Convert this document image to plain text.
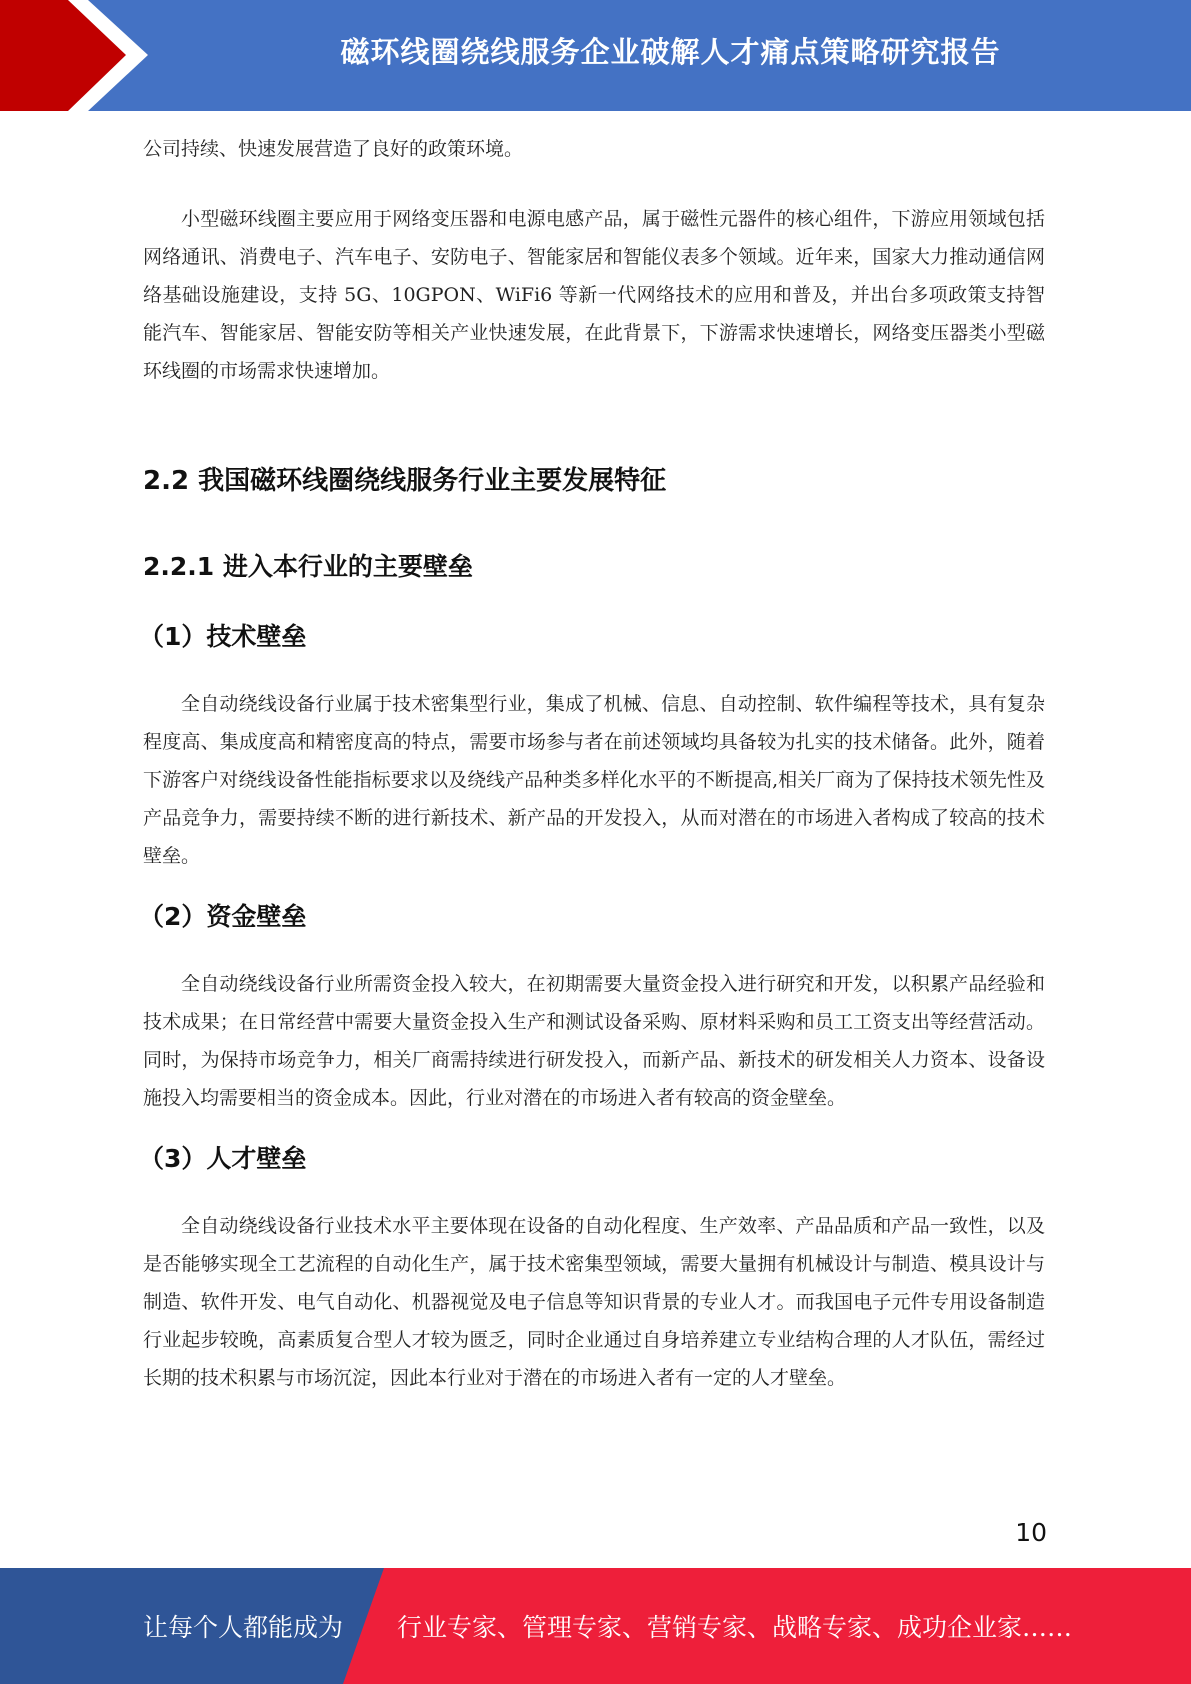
磁环线圈绕线服务企业破解人才痛点策略研究报告

公司持续、快速发展营造了良好的政策环境。

小型磁环线圈主要应用于网络变压器和电源电感产品，属于磁性元器件的核心组件，下游应用领域包括网络通讯、消费电子、汽车电子、安防电子、智能家居和智能仪表多个领域。近年来，国家大力推动通信网络基础设施建设，支持 5G、10GPON、WiFi6 等新一代网络技术的应用和普及，并出台多项政策支持智能汽车、智能家居、智能安防等相关产业快速发展，在此背景下，下游需求快速增长，网络变压器类小型磁环线圈的市场需求快速增加。

2.2 我国磁环线圈绕线服务行业主要发展特征
2.2.1 进入本行业的主要壁垒
（1）技术壁垒

全自动绕线设备行业属于技术密集型行业，集成了机械、信息、自动控制、软件编程等技术，具有复杂程度高、集成度高和精密度高的特点，需要市场参与者在前述领域均具备较为扎实的技术储备。此外，随着下游客户对绕线设备性能指标要求以及绕线产品种类多样化水平的不断提高,相关厂商为了保持技术领先性及产品竞争力，需要持续不断的进行新技术、新产品的开发投入，从而对潜在的市场进入者构成了较高的技术壁垒。

（2）资金壁垒

全自动绕线设备行业所需资金投入较大，在初期需要大量资金投入进行研究和开发，以积累产品经验和技术成果；在日常经营中需要大量资金投入生产和测试设备采购、原材料采购和员工工资支出等经营活动。同时，为保持市场竞争力，相关厂商需持续进行研发投入，而新产品、新技术的研发相关人力资本、设备设施投入均需要相当的资金成本。因此，行业对潜在的市场进入者有较高的资金壁垒。

（3）人才壁垒

全自动绕线设备行业技术水平主要体现在设备的自动化程度、生产效率、产品品质和产品一致性，以及是否能够实现全工艺流程的自动化生产，属于技术密集型领域，需要大量拥有机械设计与制造、模具设计与制造、软件开发、电气自动化、机器视觉及电子信息等知识背景的专业人才。而我国电子元件专用设备制造行业起步较晚，高素质复合型人才较为匮乏，同时企业通过自身培养建立专业结构合理的人才队伍，需经过长期的技术积累与市场沉淀，因此本行业对于潜在的市场进入者有一定的人才壁垒。

10
让每个人都能成为 行业专家、管理专家、营销专家、战略专家、成功企业家……
